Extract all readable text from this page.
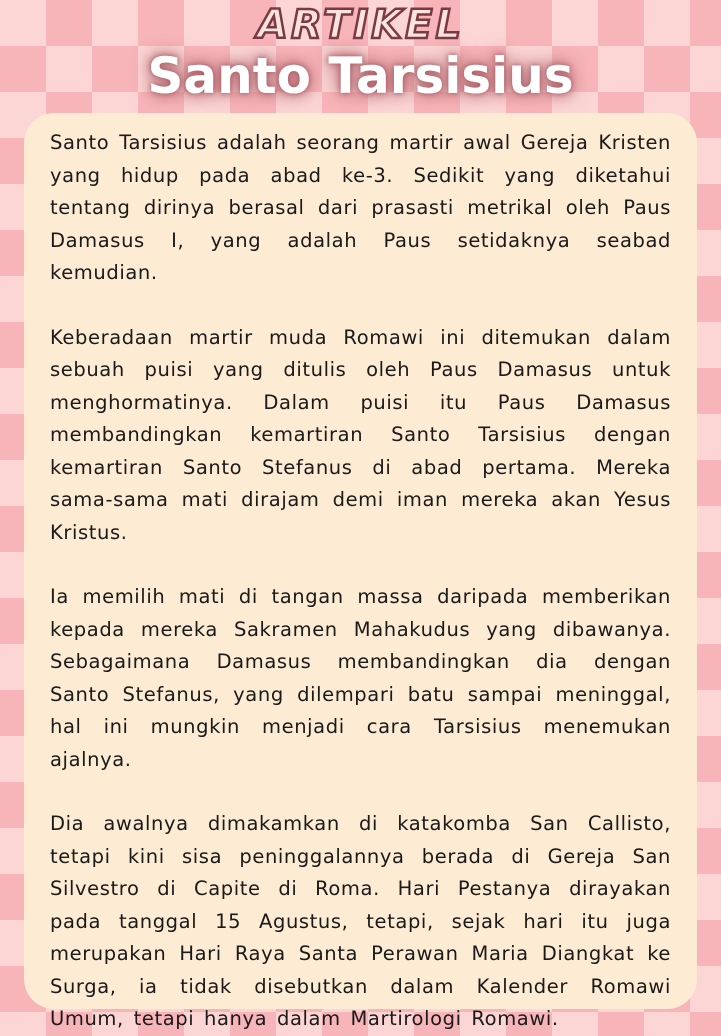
ARTIKEL
Santo Tarsisius

Santo Tarsisius adalah seorang martir awal Gereja Kristen yang hidup pada abad ke-3. Sedikit yang diketahui tentang dirinya berasal dari prasasti metrikal oleh Paus Damasus I, yang adalah Paus setidaknya seabad kemudian.

Keberadaan martir muda Romawi ini ditemukan dalam sebuah puisi yang ditulis oleh Paus Damasus untuk menghormatinya. Dalam puisi itu Paus Damasus membandingkan kemartiran Santo Tarsisius dengan kemartiran Santo Stefanus di abad pertama. Mereka sama-sama mati dirajam demi iman mereka akan Yesus Kristus.

Ia memilih mati di tangan massa daripada memberikan kepada mereka Sakramen Mahakudus yang dibawanya. Sebagaimana Damasus membandingkan dia dengan Santo Stefanus, yang dilempari batu sampai meninggal, hal ini mungkin menjadi cara Tarsisius menemukan ajalnya.

Dia awalnya dimakamkan di katakomba San Callisto, tetapi kini sisa peninggalannya berada di Gereja San Silvestro di Capite di Roma. Hari Pestanya dirayakan pada tanggal 15 Agustus, tetapi, sejak hari itu juga merupakan Hari Raya Santa Perawan Maria Diangkat ke Surga, ia tidak disebutkan dalam Kalender Romawi Umum, tetapi hanya dalam Martirologi Romawi.
